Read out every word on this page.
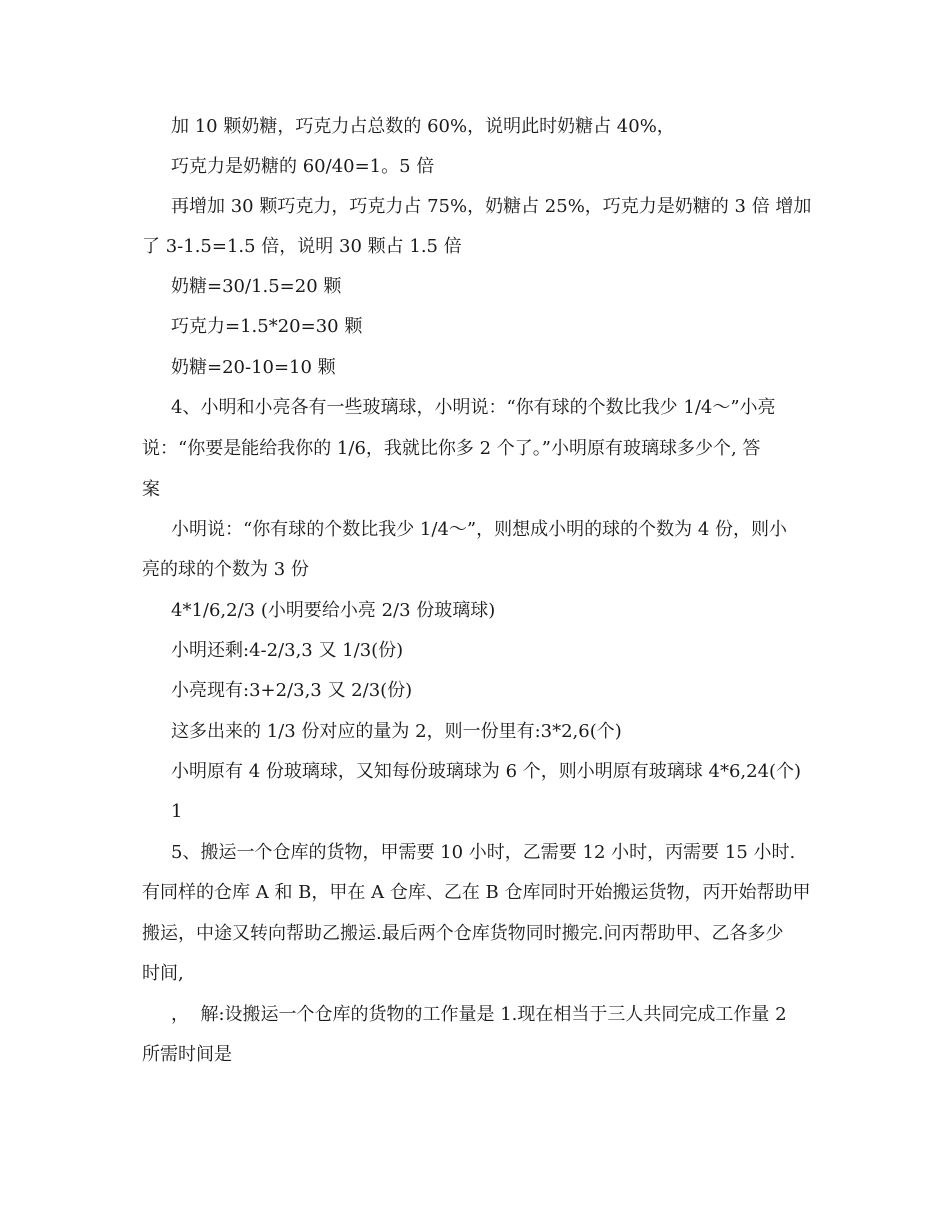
加 10 颗奶糖，巧克力占总数的 60%，说明此时奶糖占 40%，

巧克力是奶糖的 60/40=1。5 倍

再增加 30 颗巧克力，巧克力占 75%，奶糖占 25%，巧克力是奶糖的 3 倍 增加

了 3-1.5=1.5 倍，说明 30 颗占 1.5 倍

奶糖=30/1.5=20 颗

巧克力=1.5*20=30 颗

奶糖=20-10=10 颗

4、小明和小亮各有一些玻璃球，小明说：“你有球的个数比我少 1/4～”小亮

说：“你要是能给我你的 1/6，我就比你多 2 个了。”小明原有玻璃球多少个, 答

案

小明说：“你有球的个数比我少 1/4～”，则想成小明的球的个数为 4 份，则小

亮的球的个数为 3 份

4*1/6,2/3 (小明要给小亮 2/3 份玻璃球)

小明还剩:4-2/3,3 又 1/3(份)

小亮现有:3+2/3,3 又 2/3(份)

这多出来的 1/3 份对应的量为 2，则一份里有:3*2,6(个)

小明原有 4 份玻璃球，又知每份玻璃球为 6 个，则小明原有玻璃球 4*6,24(个)

1

5、搬运一个仓库的货物，甲需要 10 小时，乙需要 12 小时，丙需要 15 小时.

有同样的仓库 A 和 B，甲在 A 仓库、乙在 B 仓库同时开始搬运货物，丙开始帮助甲

搬运，中途又转向帮助乙搬运.最后两个仓库货物同时搬完.问丙帮助甲、乙各多少

时间,

，  解:设搬运一个仓库的货物的工作量是 1.现在相当于三人共同完成工作量 2

所需时间是
